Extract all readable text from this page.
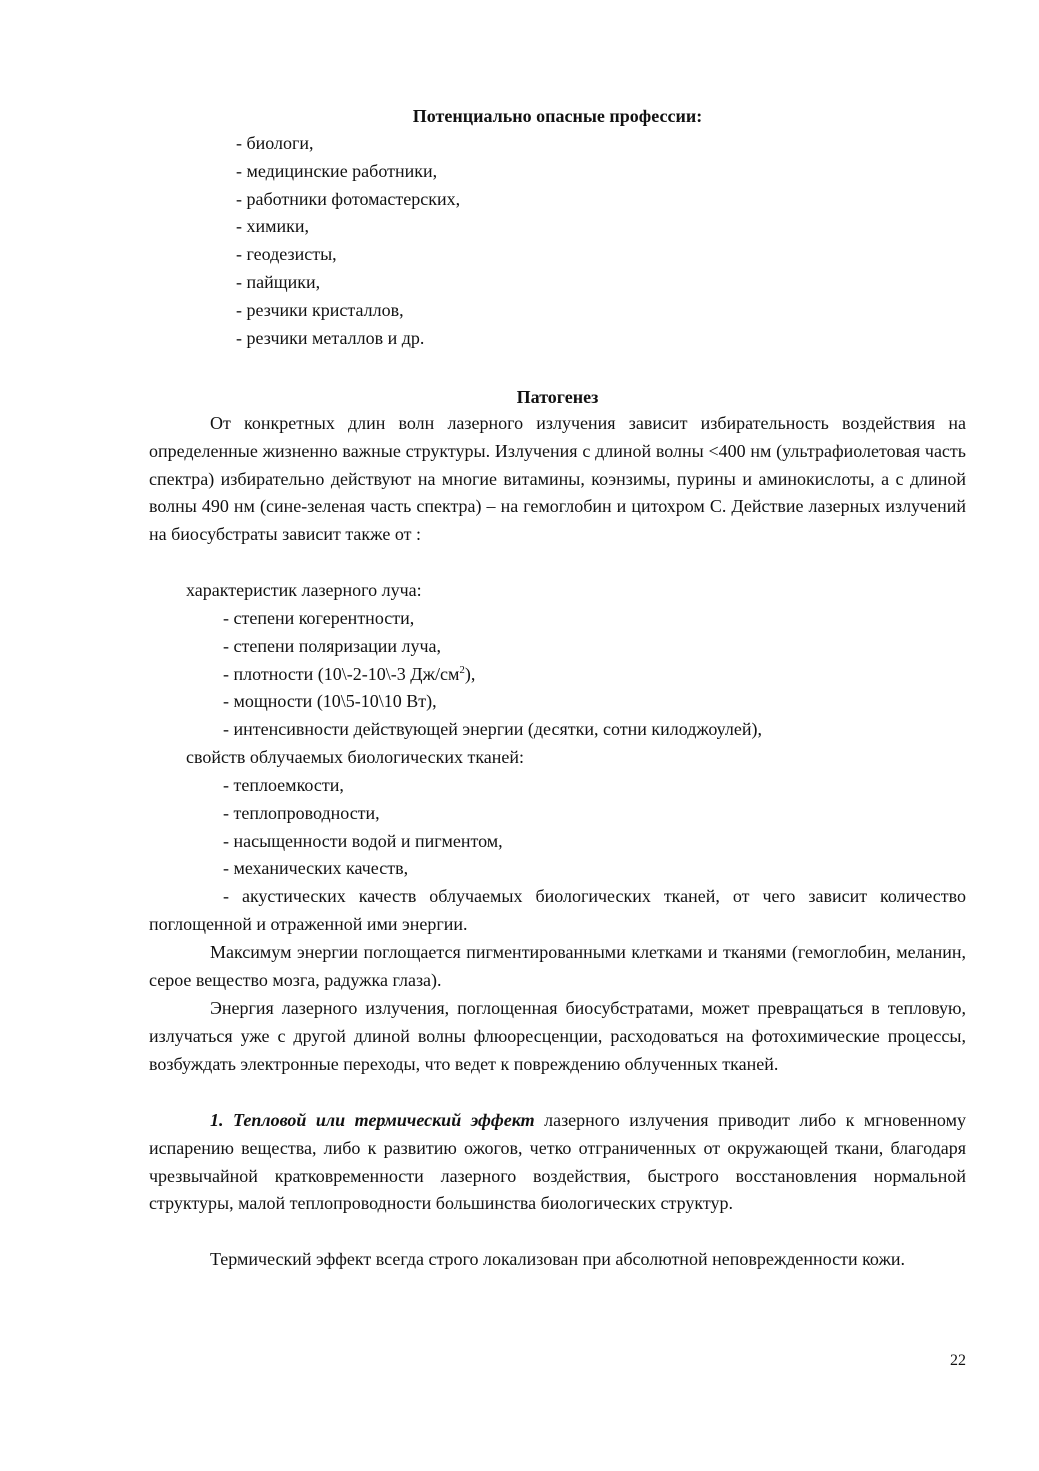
Потенциально опасные профессии:
- биологи,
- медицинские работники,
- работники фотомастерских,
- химики,
- геодезисты,
- пайщики,
- резчики кристаллов,
- резчики металлов и др.
Патогенез
От конкретных длин волн лазерного излучения зависит избирательность воздействия на определенные жизненно важные структуры. Излучения с длиной волны <400 нм (ультрафиолетовая часть спектра) избирательно действуют на многие витамины, коэнзимы, пурины и аминокислоты, а с длиной волны 490 нм (сине-зеленая часть спектра) – на гемоглобин и цитохром С. Действие лазерных излучений на биосубстраты зависит также от :
характеристик лазерного луча:
- степени когерентности,
- степени поляризации луча,
- плотности (10\-2-10\-3 $Дж/см^2$),
- мощности (10\5-10\10 Вт),
- интенсивности действующей энергии (десятки, сотни килоджоулей),
свойств облучаемых биологических тканей:
- теплоемкости,
- теплопроводности,
- насыщенности водой и пигментом,
- механических качеств,
- акустических качеств облучаемых биологических тканей, от чего зависит количество поглощенной и отраженной ими энергии.
Максимум энергии поглощается пигментированными клетками и тканями (гемоглобин, меланин, серое вещество мозга, радужка глаза).
Энергия лазерного излучения, поглощенная биосубстратами, может превращаться в тепловую, излучаться уже с другой длиной волны флюоресценции, расходоваться на фотохимические процессы, возбуждать электронные переходы, что ведет к повреждению облученных тканей.
1. Тепловой или термический эффект лазерного излучения приводит либо к мгновенному испарению вещества, либо к развитию ожогов, четко отграниченных от окружающей ткани, благодаря чрезвычайной кратковременности лазерного воздействия, быстрого восстановления нормальной структуры, малой теплопроводности большинства биологических структур.
Термический эффект всегда строго локализован при абсолютной неповрежденности кожи.
22
